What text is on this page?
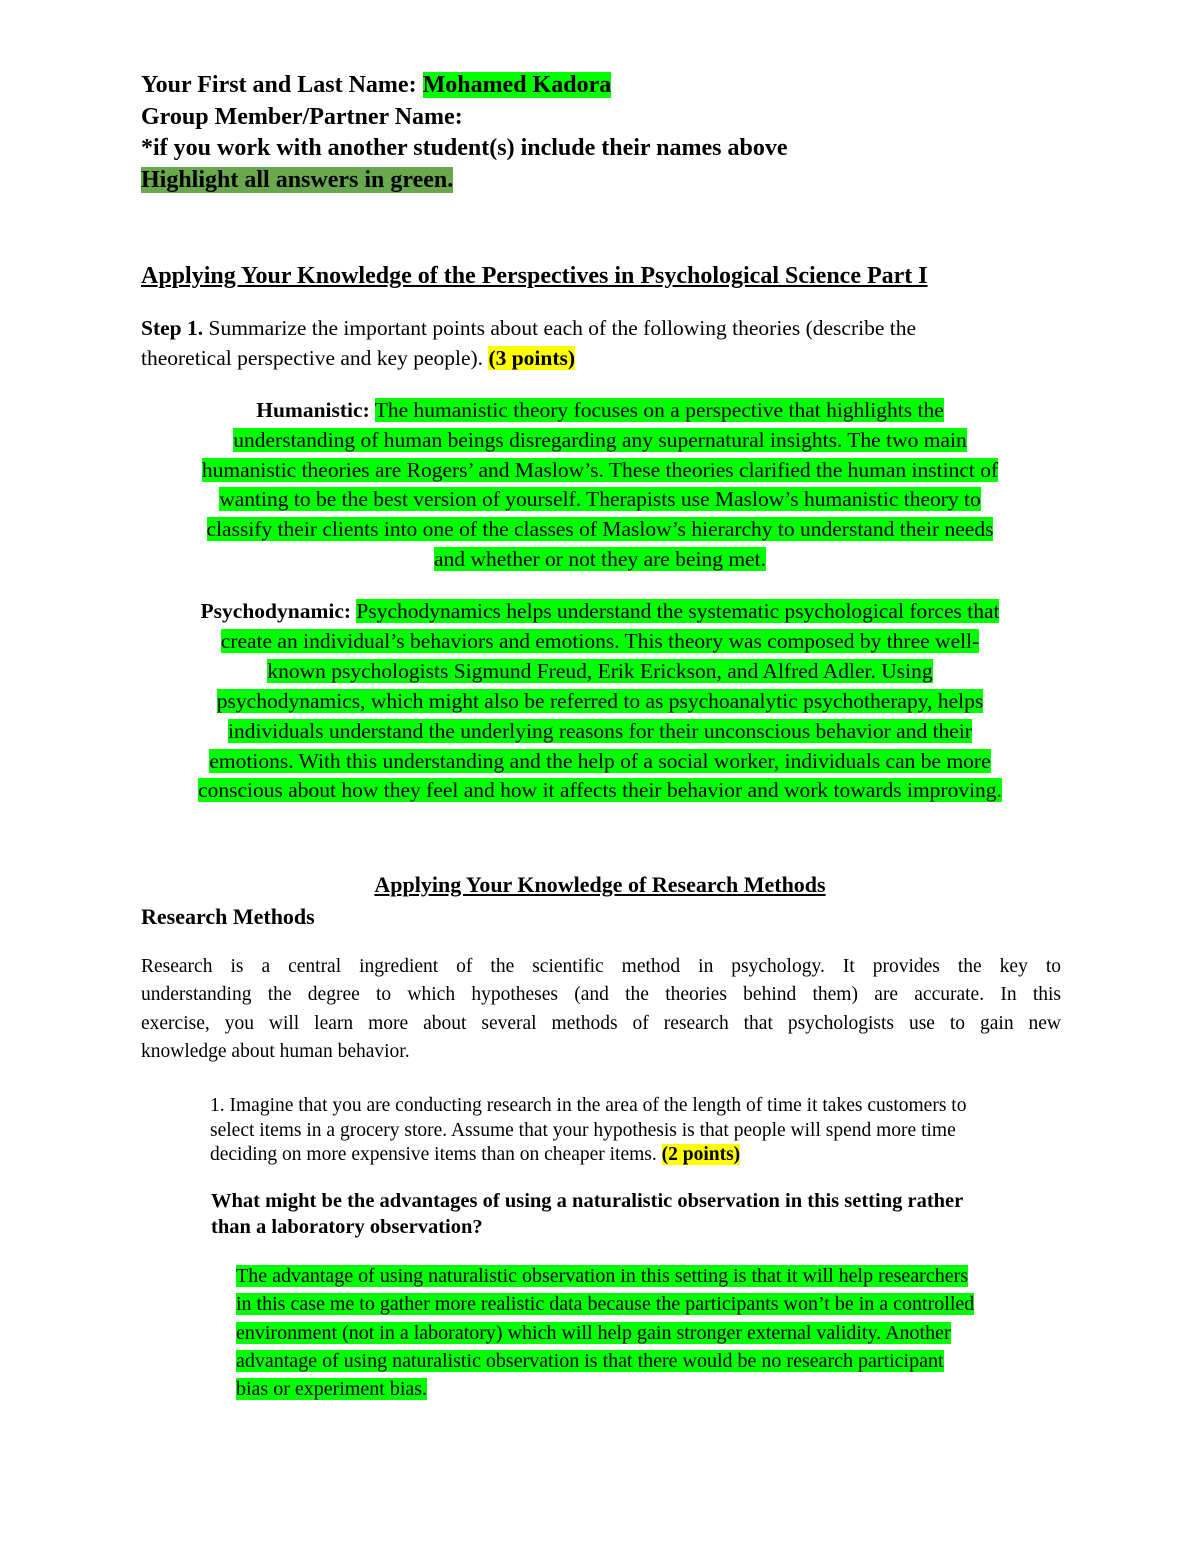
Your First and Last Name: Mohamed Kadora
Group Member/Partner Name:
*if you work with another student(s) include their names above
Highlight all answers in green.
Applying Your Knowledge of the Perspectives in Psychological Science Part I
Step 1. Summarize the important points about each of the following theories (describe the
theoretical perspective and key people). (3 points)
Humanistic: The humanistic theory focuses on a perspective that highlights the
understanding of human beings disregarding any supernatural insights. The two main
humanistic theories are Rogers’ and Maslow’s. These theories clarified the human instinct of
wanting to be the best version of yourself. Therapists use Maslow’s humanistic theory to
classify their clients into one of the classes of Maslow’s hierarchy to understand their needs
and whether or not they are being met.
Psychodynamic: Psychodynamics helps understand the systematic psychological forces that
create an individual’s behaviors and emotions. This theory was composed by three well-
known psychologists Sigmund Freud, Erik Erickson, and Alfred Adler. Using
psychodynamics, which might also be referred to as psychoanalytic psychotherapy, helps
individuals understand the underlying reasons for their unconscious behavior and their
emotions. With this understanding and the help of a social worker, individuals can be more
conscious about how they feel and how it affects their behavior and work towards improving.
Applying Your Knowledge of Research Methods
Research Methods
Research is a central ingredient of the scientific method in psychology. It provides the key to
understanding the degree to which hypotheses (and the theories behind them) are accurate. In this
exercise, you will learn more about several methods of research that psychologists use to gain new
knowledge about human behavior.
1. Imagine that you are conducting research in the area of the length of time it takes customers to
select items in a grocery store. Assume that your hypothesis is that people will spend more time
deciding on more expensive items than on cheaper items. (2 points)
What might be the advantages of using a naturalistic observation in this setting rather
than a laboratory observation?
The advantage of using naturalistic observation in this setting is that it will help researchers
in this case me to gather more realistic data because the participants won’t be in a controlled
environment (not in a laboratory) which will help gain stronger external validity. Another
advantage of using naturalistic observation is that there would be no research participant
bias or experiment bias.
